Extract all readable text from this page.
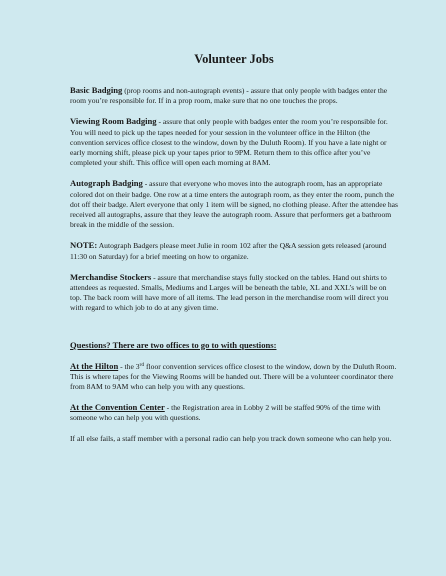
Volunteer Jobs

Basic Badging (prop rooms and non-autograph events) - assure that only people with badges enter the room you’re responsible for. If in a prop room, make sure that no one touches the props.

Viewing Room Badging - assure that only people with badges enter the room you’re responsible for. You will need to pick up the tapes needed for your session in the volunteer office in the Hilton (the convention services office closest to the window, down by the Duluth Room). If you have a late night or early morning shift, please pick up your tapes prior to 9PM. Return them to this office after you’ve completed your shift. This office will open each morning at 8AM.

Autograph Badging - assure that everyone who moves into the autograph room, has an appropriate colored dot on their badge. One row at a time enters the autograph room, as they enter the room, punch the dot off their badge. Alert everyone that only 1 item will be signed, no clothing please. After the attendee has received all autographs, assure that they leave the autograph room. Assure that performers get a bathroom break in the middle of the session.

NOTE: Autograph Badgers please meet Julie in room 102 after the Q&A session gets released (around 11:30 on Saturday) for a brief meeting on how to organize.

Merchandise Stockers - assure that merchandise stays fully stocked on the tables. Hand out shirts to attendees as requested. Smalls, Mediums and Larges will be beneath the table, XL and XXL’s will be on top. The back room will have more of all items. The lead person in the merchandise room will direct you with regard to which job to do at any given time.

Questions? There are two offices to go to with questions:

At the Hilton - the 3rd floor convention services office closest to the window, down by the Duluth Room. This is where tapes for the Viewing Rooms will be handed out. There will be a volunteer coordinator there from 8AM to 9AM who can help you with any questions.

At the Convention Center - the Registration area in Lobby 2 will be staffed 90% of the time with someone who can help you with questions.

If all else fails, a staff member with a personal radio can help you track down someone who can help you.
